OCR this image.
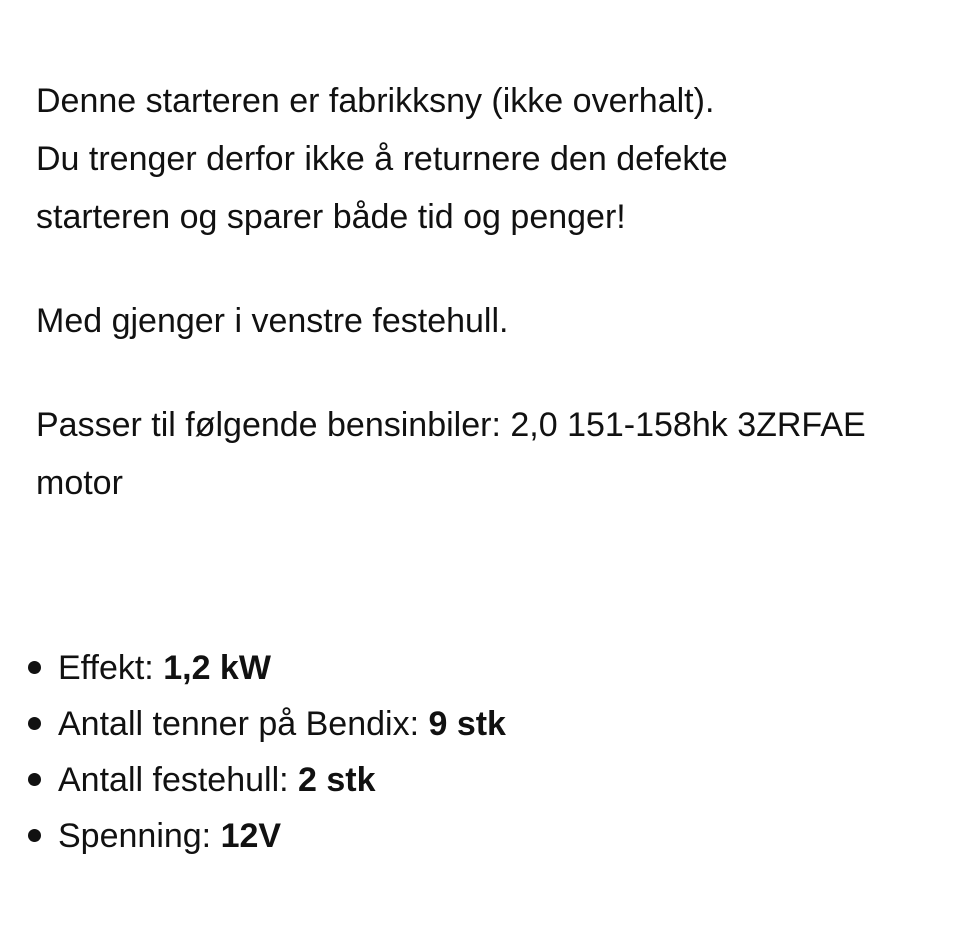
Denne starteren er fabrikksny (ikke overhalt).
Du trenger derfor ikke å returnere den defekte
starteren og sparer både tid og penger!

Med gjenger i venstre festehull.

Passer til følgende bensinbiler: 2,0 151-158hk 3ZRFAE
motor

Effekt: 1,2 kW
Antall tenner på Bendix: 9 stk
Antall festehull: 2 stk
Spenning: 12V
